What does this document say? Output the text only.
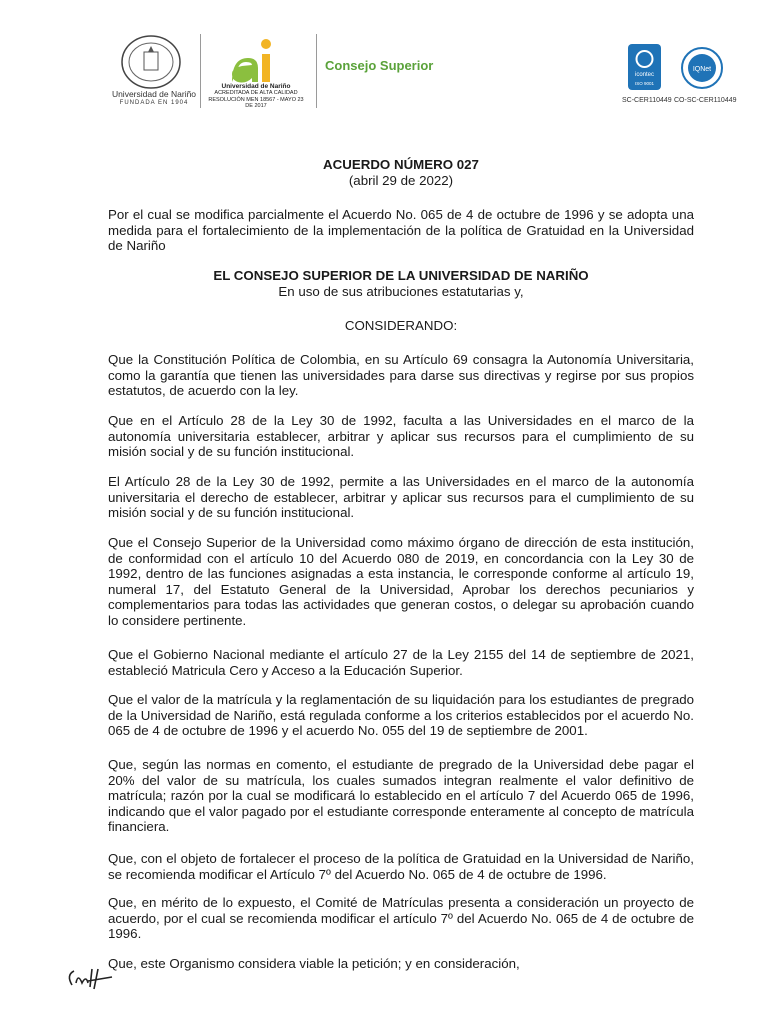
Universidad de Nariño
FUNDADA EN 1904
Universidad de Nariño
ACREDITADA DE ALTA CALIDAD
RESOLUCIÓN MEN 18567 - MAYO 23 DE 2017
Consejo Superior
icontec
ISO 9001
IQNet
SC-CER110449 CO-SC-CER110449
ACUERDO NÚMERO 027
(abril 29 de 2022)
Por el cual se modifica parcialmente el Acuerdo No. 065 de 4 de octubre de 1996 y se adopta una medida para el fortalecimiento de la implementación de la política de Gratuidad en la Universidad de Nariño
EL CONSEJO SUPERIOR DE LA UNIVERSIDAD DE NARIÑO
En uso de sus atribuciones estatutarias y,
CONSIDERANDO:
Que la Constitución Política de Colombia, en su Artículo 69 consagra la Autonomía Universitaria, como la garantía que tienen las universidades para darse sus directivas y regirse por sus propios estatutos, de acuerdo con la ley.
Que en el Artículo 28 de la Ley 30 de 1992, faculta a las Universidades en el marco de la autonomía universitaria establecer, arbitrar y aplicar sus recursos para el cumplimiento de su misión social y de su función institucional.
El Artículo 28 de la Ley 30 de 1992, permite a las Universidades en el marco de la autonomía universitaria el derecho de establecer, arbitrar y aplicar sus recursos para el cumplimiento de su misión social y de su función institucional.
Que el Consejo Superior de la Universidad como máximo órgano de dirección de esta institución, de conformidad con el artículo 10 del Acuerdo 080 de 2019, en concordancia con la Ley 30 de 1992, dentro de las funciones asignadas a esta instancia, le corresponde conforme al artículo 19, numeral 17, del Estatuto General de la Universidad, Aprobar los derechos pecuniarios y complementarios para todas las actividades que generan costos, o delegar su aprobación cuando lo considere pertinente.
Que el Gobierno Nacional mediante el artículo 27 de la Ley 2155 del 14 de septiembre de 2021, estableció Matricula Cero y Acceso a la Educación Superior.
Que el valor de la matrícula y la reglamentación de su liquidación para los estudiantes de pregrado de la Universidad de Nariño, está regulada conforme a los criterios establecidos por el acuerdo No. 065 de 4 de octubre de 1996 y el acuerdo No. 055 del 19 de septiembre de 2001.
Que, según las normas en comento, el estudiante de pregrado de la Universidad debe pagar el 20% del valor de su matrícula, los cuales sumados integran realmente el valor definitivo de matrícula; razón por la cual se modificará lo establecido en el artículo 7 del Acuerdo 065 de 1996, indicando que el valor pagado por el estudiante corresponde enteramente al concepto de matrícula financiera.
Que, con el objeto de fortalecer el proceso de la política de Gratuidad en la Universidad de Nariño, se recomienda modificar el Artículo 7º del Acuerdo No. 065 de 4 de octubre de 1996.
Que, en mérito de lo expuesto, el Comité de Matrículas presenta a consideración un proyecto de acuerdo, por el cual se recomienda modificar el artículo 7º del Acuerdo No. 065 de 4 de octubre de 1996.
Que, este Organismo considera viable la petición; y en consideración,
